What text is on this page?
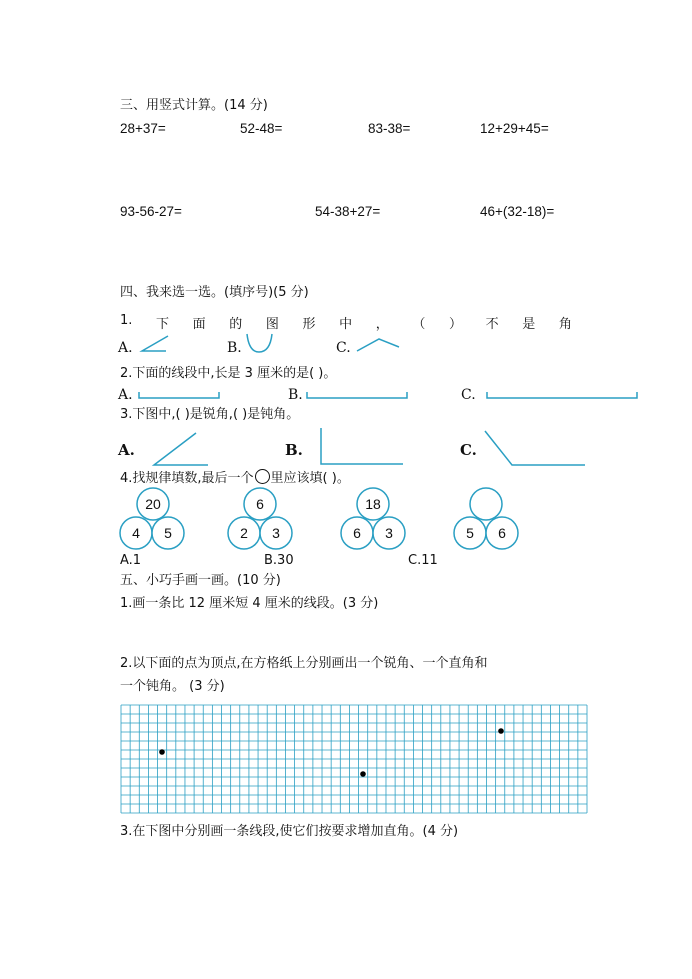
三、用竖式计算。(14 分)
28+37=	52-48=	83-38=	12+29+45=
93-56-27=	54-38+27=	46+(32-18)=
四、我来选一选。(填序号)(5 分)
1. 下 面 的 图 形 中 ， （ ） 不 是 角
A.	B.	C.
2.下面的线段中,长是 3 厘米的是( )。
A.	B.	C.
3.下图中,( )是锐角,( )是钝角。
A.	B.	C.
4.找规律填数,最后一个 里应该填( )。
20
4 5
6
2 3
18
6 3	5 6
A.1	B.30	C.11
五、小巧手画一画。(10 分)
1.画一条比 12 厘米短 4 厘米的线段。(3 分)
2.以下面的点为顶点,在方格纸上分别画出一个锐角、一个直角和
一个钝角。 (3 分)
3.在下图中分别画一条线段,使它们按要求增加直角。(4 分)
